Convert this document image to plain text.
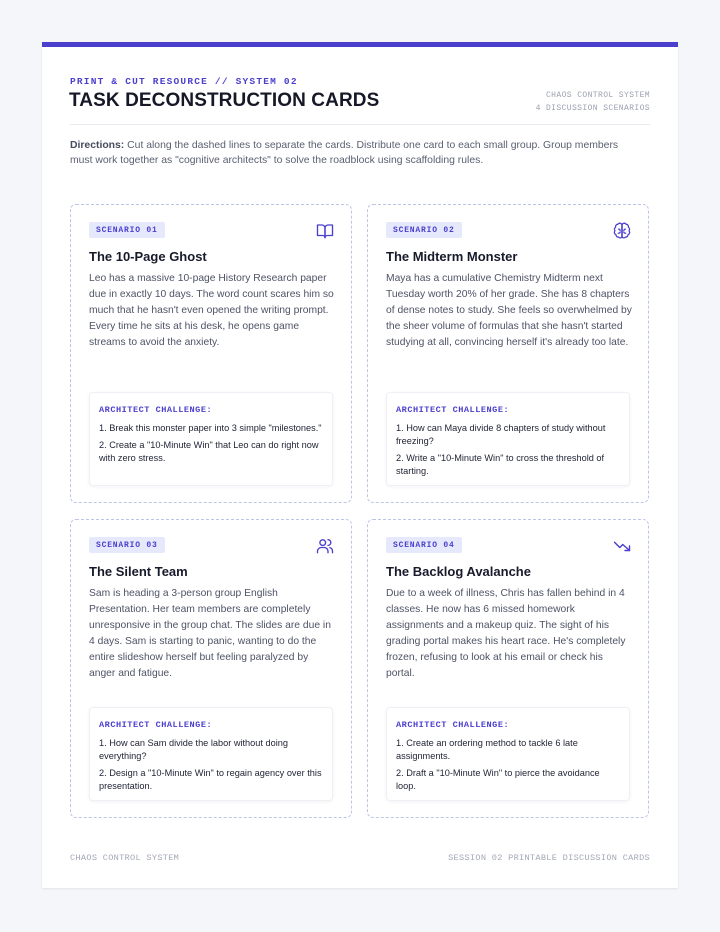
PRINT & CUT RESOURCE // SYSTEM 02
TASK DECONSTRUCTION CARDS	CHAOS CONTROL SYSTEM
4 DISCUSSION SCENARIOS

Directions: Cut along the dashed lines to separate the cards. Distribute one card to each small group. Group members must work together as "cognitive architects" to solve the roadblock using scaffolding rules.

SCENARIO 01
The 10-Page Ghost

Leo has a massive 10-page History Research paper due in exactly 10 days. The word count scares him so much that he hasn't even opened the writing prompt. Every time he sits at his desk, he opens game streams to avoid the anxiety.

ARCHITECT CHALLENGE:

1. Break this monster paper into 3 simple "milestones."

2. Create a "10-Minute Win" that Leo can do right now with zero stress.

SCENARIO 02
The Midterm Monster

Maya has a cumulative Chemistry Midterm next Tuesday worth 20% of her grade. She has 8 chapters of dense notes to study. She feels so overwhelmed by the sheer volume of formulas that she hasn't started studying at all, convincing herself it's already too late.

ARCHITECT CHALLENGE:

1. How can Maya divide 8 chapters of study without freezing?

2. Write a "10-Minute Win" to cross the threshold of starting.

SCENARIO 03
The Silent Team

Sam is heading a 3-person group English Presentation. Her team members are completely unresponsive in the group chat. The slides are due in 4 days. Sam is starting to panic, wanting to do the entire slideshow herself but feeling paralyzed by anger and fatigue.

ARCHITECT CHALLENGE:

1. How can Sam divide the labor without doing everything?

2. Design a "10-Minute Win" to regain agency over this presentation.

SCENARIO 04
The Backlog Avalanche

Due to a week of illness, Chris has fallen behind in 4 classes. He now has 6 missed homework assignments and a makeup quiz. The sight of his grading portal makes his heart race. He's completely frozen, refusing to look at his email or check his portal.

ARCHITECT CHALLENGE:

1. Create an ordering method to tackle 6 late assignments.

2. Draft a "10-Minute Win" to pierce the avoidance loop.

CHAOS CONTROL SYSTEM	SESSION 02 PRINTABLE DISCUSSION CARDS
